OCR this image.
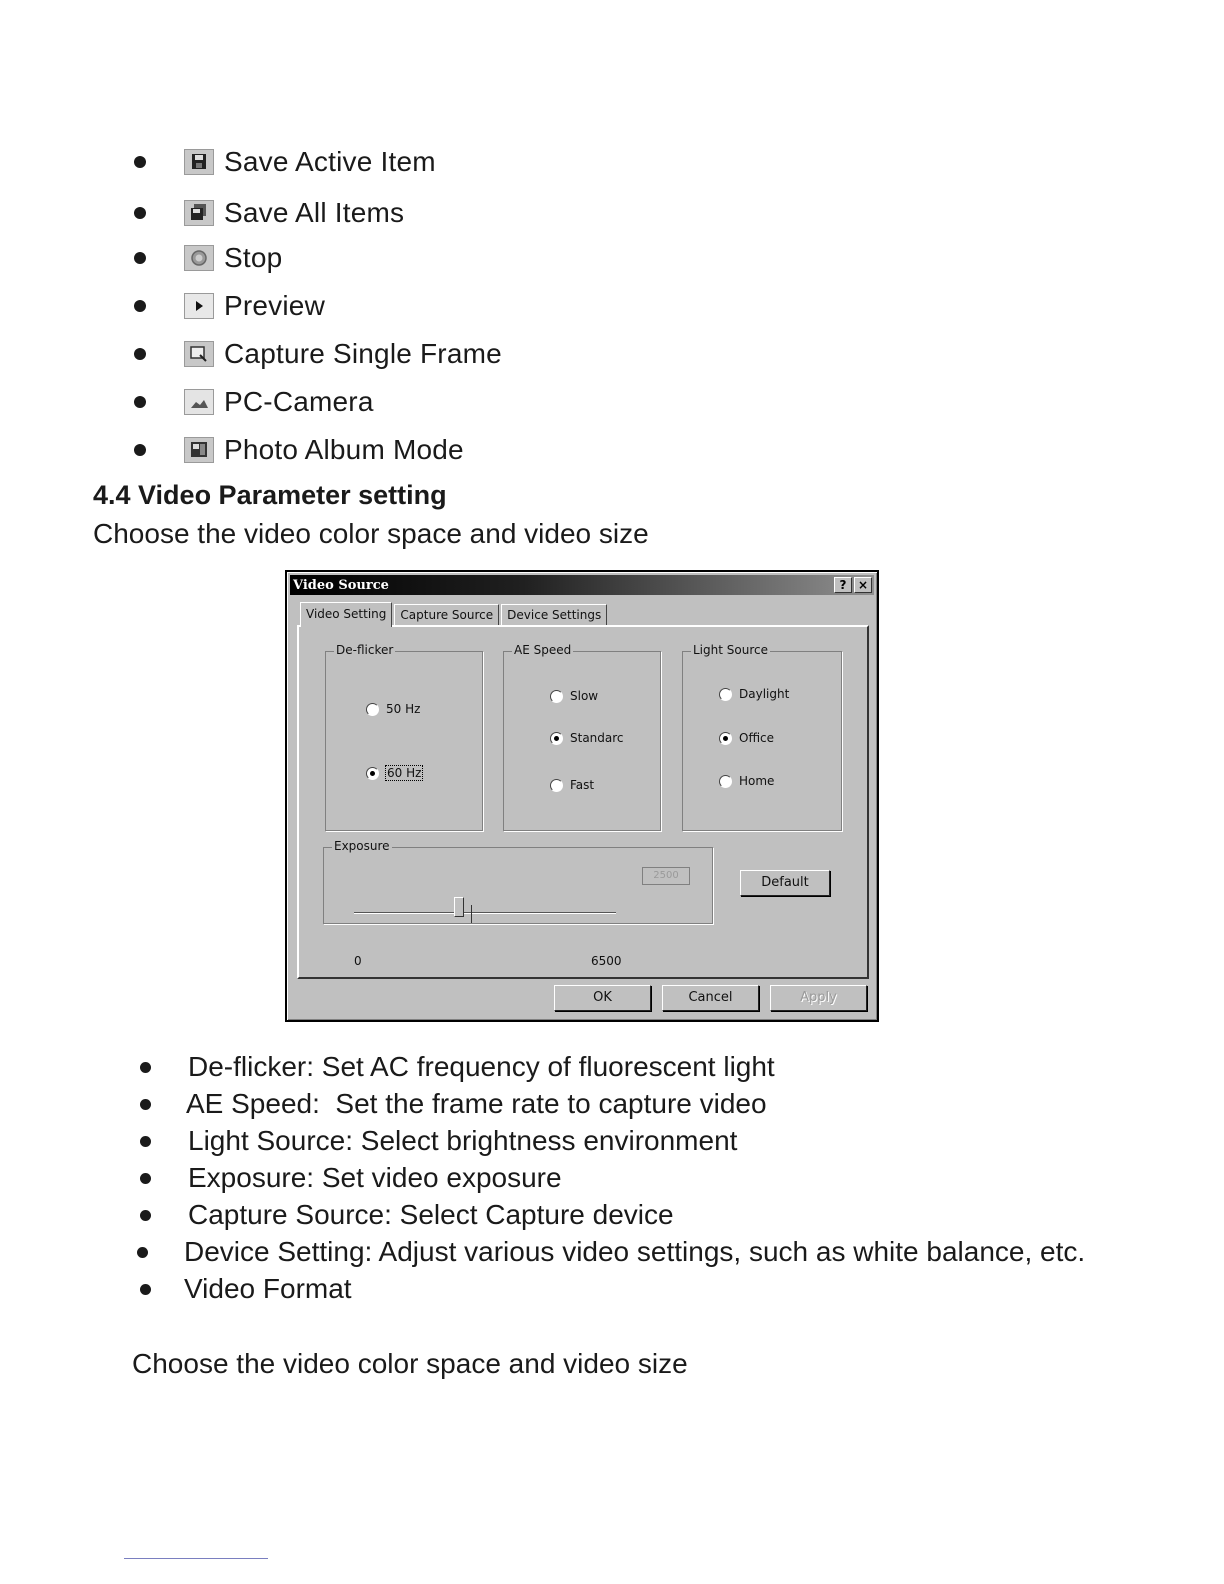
Save Active Item
Save All Items
Stop
Preview
Capture Single Frame
PC-Camera
Photo Album Mode
4.4 Video Parameter setting
Choose the video color space and video size
Video Source	? ×
Video Setting	Capture Source	Device Settings
De-flicker
50 Hz
60 Hz
AE Speed
Slow
Standarc
Fast
Light Source
Daylight
Office
Home
Exposure
0	6500
2500	Default
OK	Cancel	Apply
De-flicker: Set AC frequency of fluorescent light
AE Speed:  Set the frame rate to capture video
Light Source: Select brightness environment
Exposure: Set video exposure
Capture Source: Select Capture device
Device Setting: Adjust various video settings, such as white balance, etc.
Video Format
Choose the video color space and video size
